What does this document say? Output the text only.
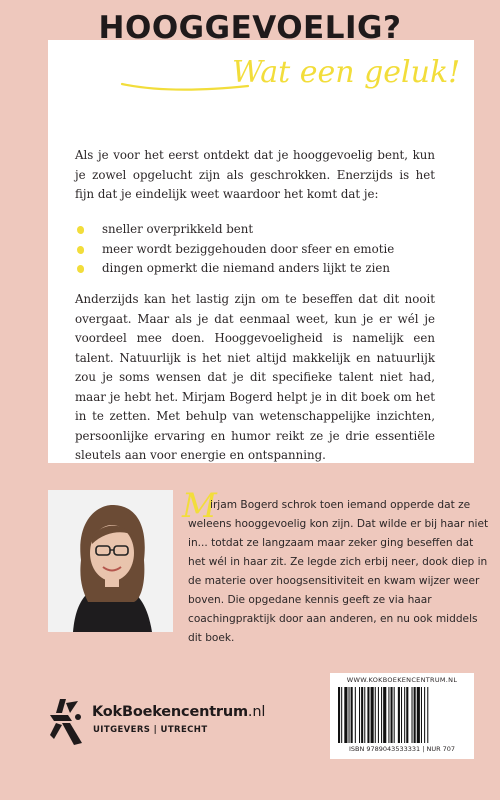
HOOGGEVOELIG?
Wat een geluk!

Als je voor het eerst ontdekt dat je hooggevoelig bent, kun je zowel opgelucht zijn als geschrokken. Enerzijds is het fijn dat je eindelijk weet waardoor het komt dat je:

sneller overprikkeld bent
meer wordt beziggehouden door sfeer en emotie
dingen opmerkt die niemand anders lijkt te zien

Anderzijds kan het lastig zijn om te beseffen dat dit nooit overgaat. Maar als je dat eenmaal weet, kun je er wél je voordeel mee doen. Hooggevoeligheid is namelijk een talent. Natuurlijk is het niet altijd makkelijk en natuurlijk zou je soms wensen dat je dit specifieke talent niet had, maar je hebt het. Mirjam Bogerd helpt je in dit boek om het in te zetten. Met behulp van wetenschappelijke inzichten, persoonlijke ervaring en humor reikt ze je drie essentiële sleutels aan voor energie en ontspanning.

M

irjam Bogerd schrok toen iemand opperde dat ze weleens hooggevoelig kon zijn. Dat wilde er bij haar niet in... totdat ze langzaam maar zeker ging beseffen dat het wél in haar zit. Ze legde zich erbij neer, dook diep in de materie over hoogsensitiviteit en kwam wijzer weer boven. Die opgedane kennis geeft ze via haar coachingpraktijk door aan anderen, en nu ook middels dit boek.

KokBoekencentrum.nl
UITGEVERS | UTRECHT
WWW.KOKBOEKENCENTRUM.NL
ISBN 9789043533331 | NUR 707
